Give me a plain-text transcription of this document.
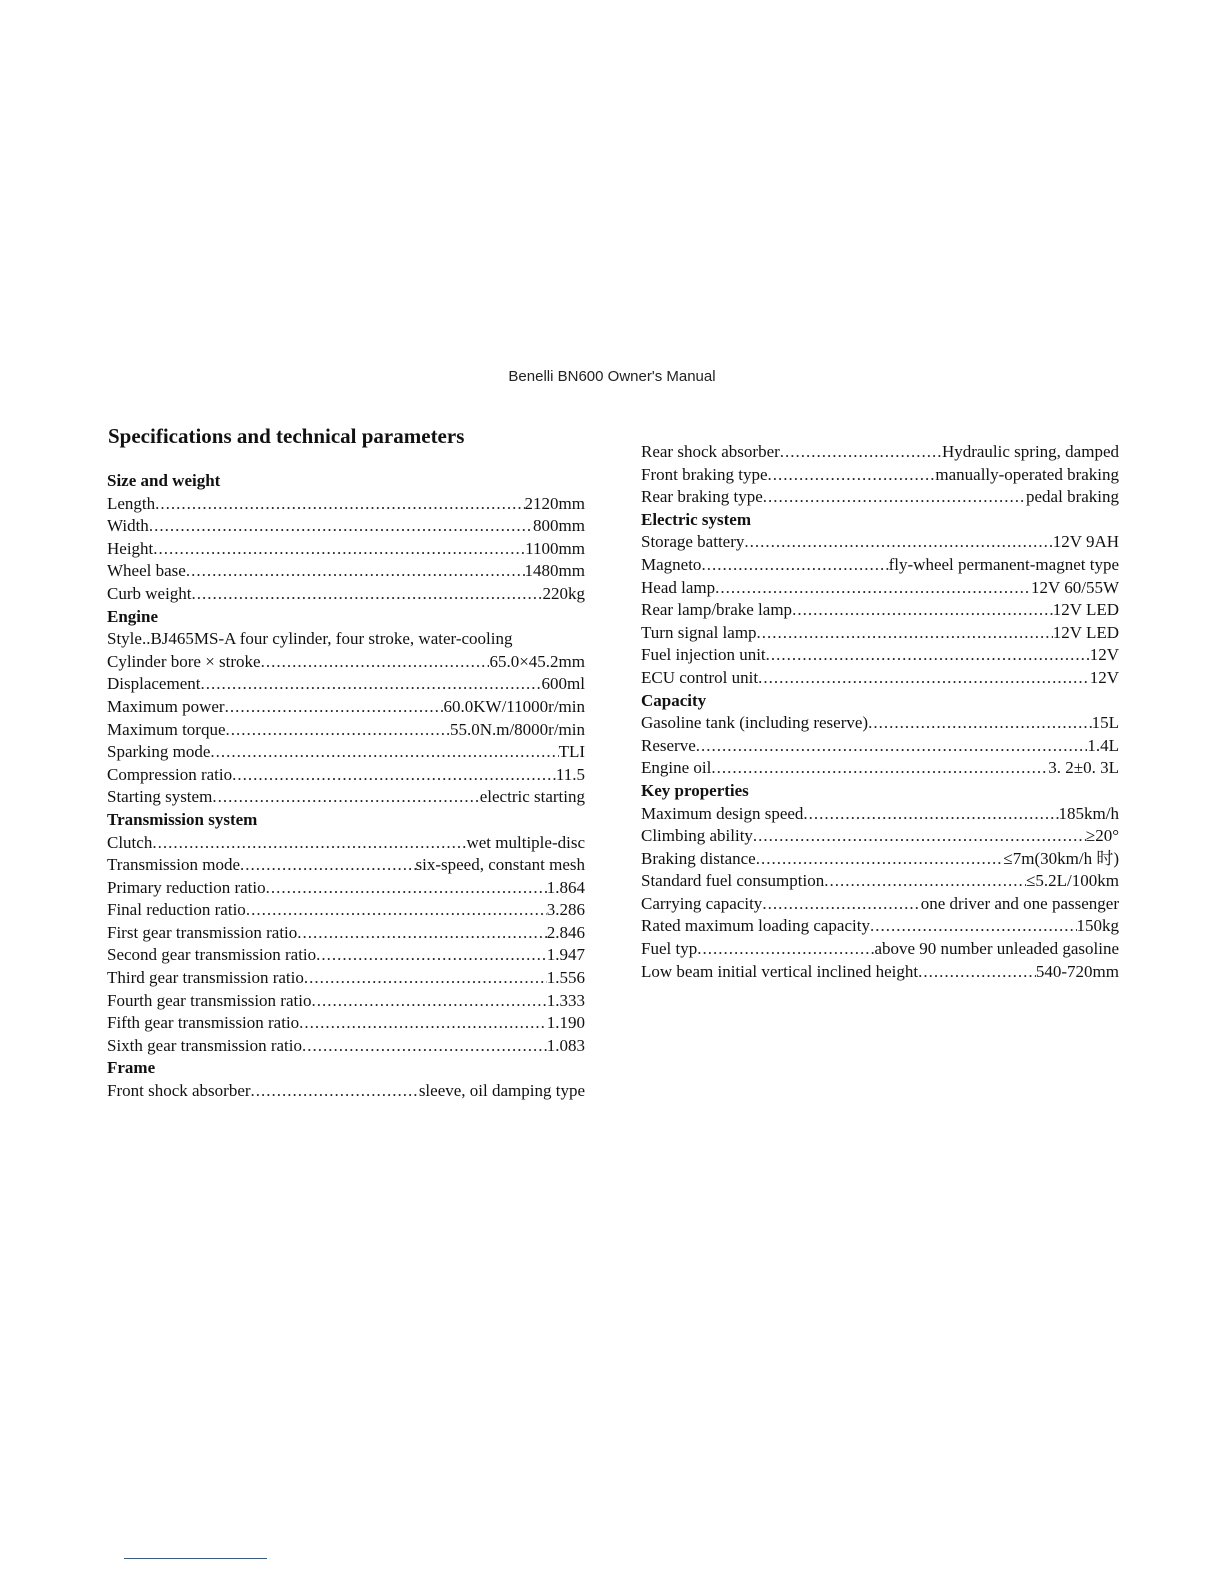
Benelli BN600 Owner's Manual
Specifications and technical parameters
Size and weight
Length .....	2120mm
Width .....	800mm
Height .....	1100mm
Wheel base .....	1480mm
Curb weight .....	220kg
Engine
Style..BJ465MS-A four cylinder, four stroke, water-cooling
Cylinder bore × stroke .....	65.0×45.2mm
Displacement .....	600ml
Maximum power .....	60.0KW/11000r/min
Maximum torque .....	55.0N.m/8000r/min
Sparking mode .....	TLI
Compression ratio .....	11.5
Starting system .....	electric starting
Transmission system
Clutch .....	wet multiple-disc
Transmission mode .....	six-speed, constant mesh
Primary reduction ratio .....	1.864
Final reduction ratio .....	3.286
First gear transmission ratio .....	2.846
Second gear transmission ratio .....	1.947
Third gear transmission ratio .....	1.556
Fourth gear transmission ratio .....	1.333
Fifth gear transmission ratio .....	1.190
Sixth gear transmission ratio .....	1.083
Frame
Front shock absorber .....	sleeve, oil damping type
Rear shock absorber .....	Hydraulic spring, damped
Front braking type .....	manually-operated braking
Rear braking type .....	pedal braking
Electric system
Storage battery .....	12V 9AH
Magneto .....	fly-wheel permanent-magnet type
Head lamp .....	12V 60/55W
Rear lamp/brake lamp .....	12V LED
Turn signal lamp .....	12V LED
Fuel injection unit .....	12V
ECU control unit .....	12V
Capacity
Gasoline tank (including reserve) .....	15L
Reserve .....	1.4L
Engine oil .....	3. 2±0. 3L
Key properties
Maximum design speed .....	185km/h
Climbing ability .....	≥20°
Braking distance .....	≤7m(30km/h 时)
Standard fuel consumption .....	≤5.2L/100km
Carrying capacity .....	one driver and one passenger
Rated maximum loading capacity .....	150kg
Fuel typ .....	above 90 number unleaded gasoline
Low beam initial vertical inclined height .....	540-720mm
